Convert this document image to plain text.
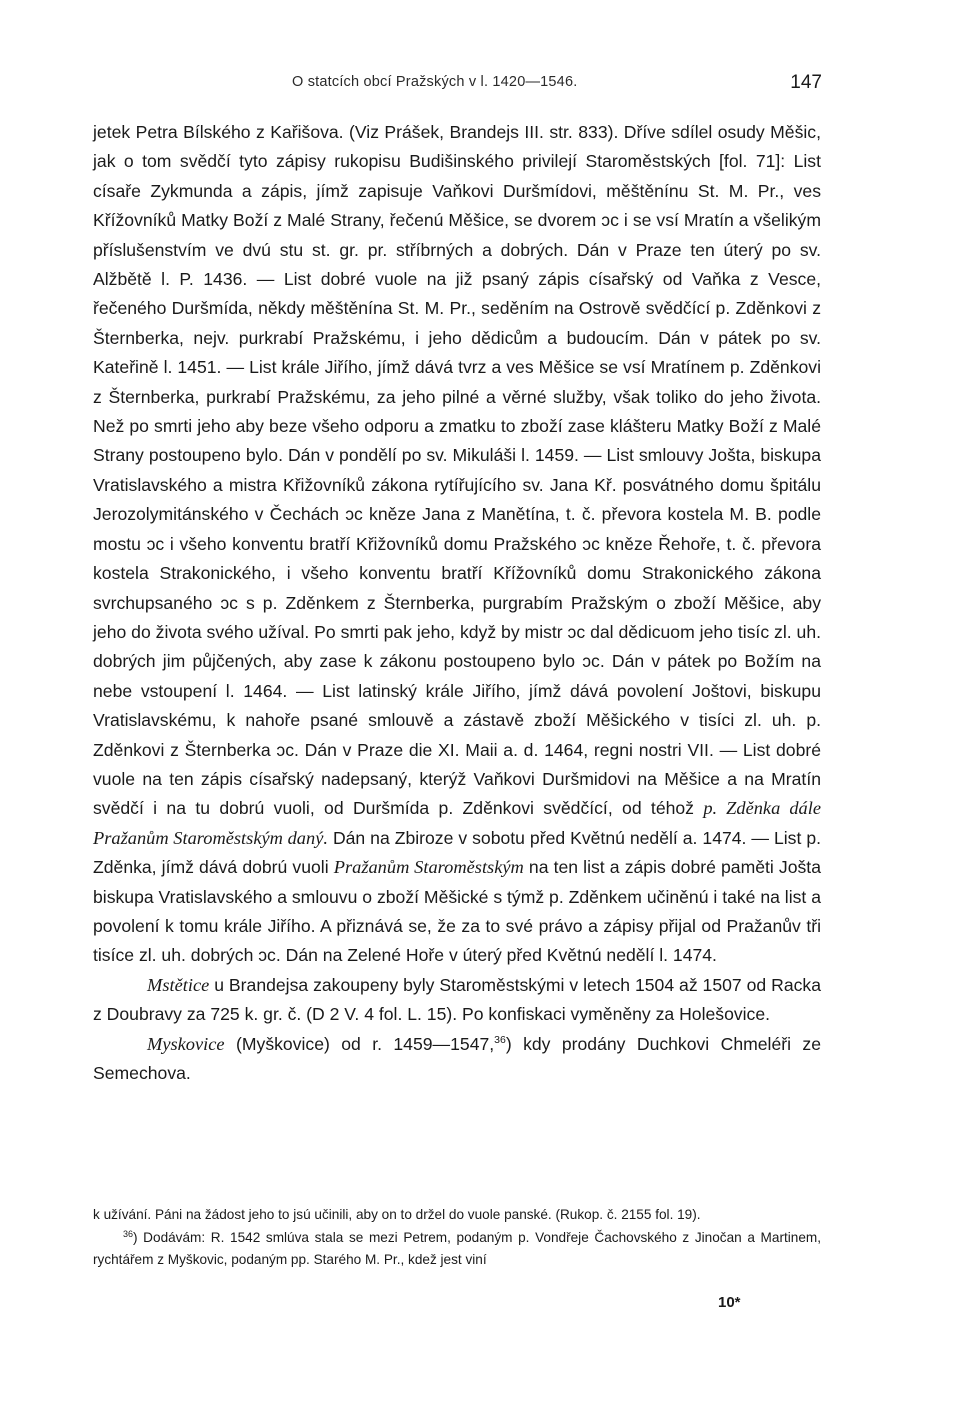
O statcích obcí Pražských v l. 1420—1546.	147

jetek Petra Bílského z Kařišova. (Viz Prášek, Brandejs III. str. 833). Dříve sdílel osudy Měšic, jak o tom svědčí tyto zápisy rukopisu Budišinského privilejí Staroměstských [fol. 71]: List císaře Zykmunda a zápis, jímž zapisuje Vaňkovi Duršmídovi, měštěnínu St. M. Pr., ves Křížovníků Matky Boží z Malé Strany, řečenú Měšice, se dvorem ɔc i se vsí Mratín a všelikým příslušenstvím ve dvú stu st. gr. pr. stříbrných a dobrých. Dán v Praze ten úterý po sv. Alžbětě l. P. 1436. — List dobré vuole na již psaný zápis císařský od Vaňka z Vesce, řečeného Duršmída, někdy měštěnína St. M. Pr., seděním na Ostrově svědčící p. Zděnkovi z Šternberka, nejv. purkrabí Pražskému, i jeho dědicům a budoucím. Dán v pátek po sv. Kateřině l. 1451. — List krále Jiřího, jímž dává tvrz a ves Měšice se vsí Mratínem p. Zděnkovi z Šternberka, purkrabí Pražskému, za jeho pilné a věrné služby, však toliko do jeho života. Než po smrti jeho aby beze všeho odporu a zmatku to zboží zase klášteru Matky Boží z Malé Strany postoupeno bylo. Dán v pondělí po sv. Mikuláši l. 1459. — List smlouvy Jošta, biskupa Vratislavského a mistra Křižovníků zákona rytířujícího sv. Jana Kř. posvátného domu špitálu Jerozolymitánského v Čechách ɔc kněze Jana z Manětína, t. č. převora kostela M. B. podle mostu ɔc i všeho konventu bratří Křižovníků domu Pražského ɔc kněze Řehoře, t. č. převora kostela Strakonického, i všeho konventu bratří Křížovníků domu Strakonického zákona svrchupsaného ɔc s p. Zděnkem z Šternberka, purgrabím Pražským o zboží Měšice, aby jeho do života svého užíval. Po smrti pak jeho, když by mistr ɔc dal dědicuom jeho tisíc zl. uh. dobrých jim půjčených, aby zase k zákonu postoupeno bylo ɔc. Dán v pátek po Božím na nebe vstoupení l. 1464. — List latinský krále Jiřího, jímž dává povolení Joštovi, biskupu Vratislavskému, k nahoře psané smlouvě a zástavě zboží Měšického v tisíci zl. uh. p. Zděnkovi z Šternberka ɔc. Dán v Praze die XI. Maii a. d. 1464, regni nostri VII. — List dobré vuole na ten zápis císařský nadepsaný, kterýž Vaňkovi Duršmidovi na Měšice a na Mratín svědčí i na tu dobrú vuoli, od Duršmída p. Zděnkovi svědčící, od téhož p. Zděnka dále Pražanům Staroměstským daný. Dán na Zbiroze v sobotu před Květnú nedělí a. 1474. — List p. Zděnka, jímž dává dobrú vuoli Pražanům Staroměstským na ten list a zápis dobré paměti Jošta biskupa Vratislavského a smlouvu o zboží Měšické s týmž p. Zděnkem učiněnú i také na list a povolení k tomu krále Jiřího. A přiznává se, že za to své právo a zápisy přijal od Pražanův tři tisíce zl. uh. dobrých ɔc. Dán na Zelené Hoře v úterý před Květnú nedělí l. 1474.

Mstětice u Brandejsa zakoupeny byly Staroměstskými v letech 1504 až 1507 od Racka z Doubravy za 725 k. gr. č. (D 2 V. 4 fol. L. 15). Po konfiskaci vyměněny za Holešovice.

Myskovice (Myškovice) od r. 1459—1547,36) kdy prodány Duchkovi Chmeléři ze Semechova.

k užívání. Páni na žádost jeho to jsú učinili, aby on to držel do vuole panské. (Rukop. č. 2155 fol. 19).

$^{36}$) Dodávám: R. 1542 smlúva stala se mezi Petrem, podaným p. Vondřeje Čachovského z Jinočan a Martinem, rychtářem z Myškovic, podaným pp. Starého M. Pr., kdež jest viní

10*
